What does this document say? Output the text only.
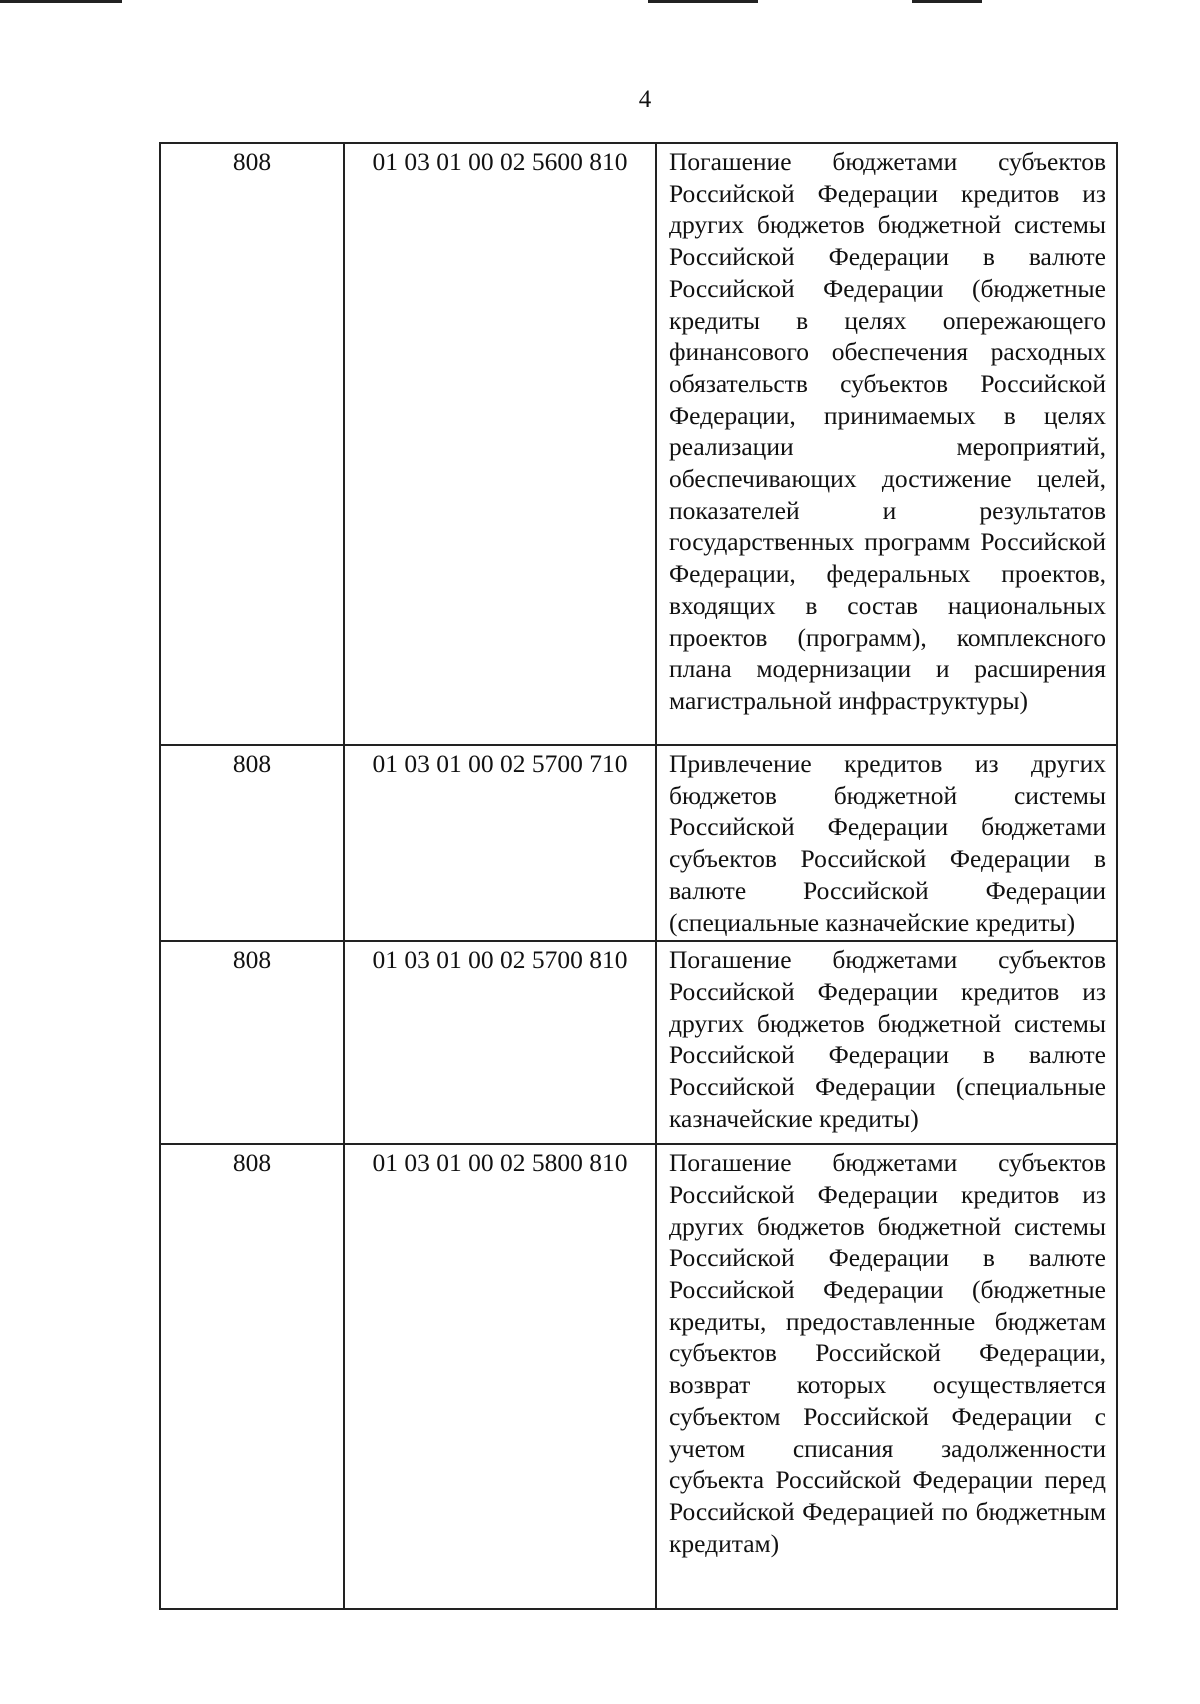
4
808	01 03 01 00 02 5600 810	Погашение бюджетами субъектов Российской Федерации кредитов из других бюджетов бюджетной системы Российской Федерации в валюте Российской Федерации (бюджетные кредиты в целях опережающего финансового обеспечения расходных обязательств субъектов Российской Федерации, принимаемых в целях реализации мероприятий, обеспечивающих достижение целей, показателей и результатов государственных программ Российской Федерации, федеральных проектов, входящих в состав национальных проектов (программ), комплексного плана модернизации и расширения магистральной инфраструктуры)
808	01 03 01 00 02 5700 710	Привлечение кредитов из других бюджетов бюджетной системы Российской Федерации бюджетами субъектов Российской Федерации в валюте Российской Федерации (специальные казначейские кредиты)
808	01 03 01 00 02 5700 810	Погашение бюджетами субъектов Российской Федерации кредитов из других бюджетов бюджетной системы Российской Федерации в валюте Российской Федерации (специальные казначейские кредиты)
808	01 03 01 00 02 5800 810	Погашение бюджетами субъектов Российской Федерации кредитов из других бюджетов бюджетной системы Российской Федерации в валюте Российской Федерации (бюджетные кредиты, предоставленные бюджетам субъектов Российской Федерации, возврат которых осуществляется субъектом Российской Федерации с учетом списания задолженности субъекта Российской Федерации перед Российской Федерацией по бюджетным кредитам)
